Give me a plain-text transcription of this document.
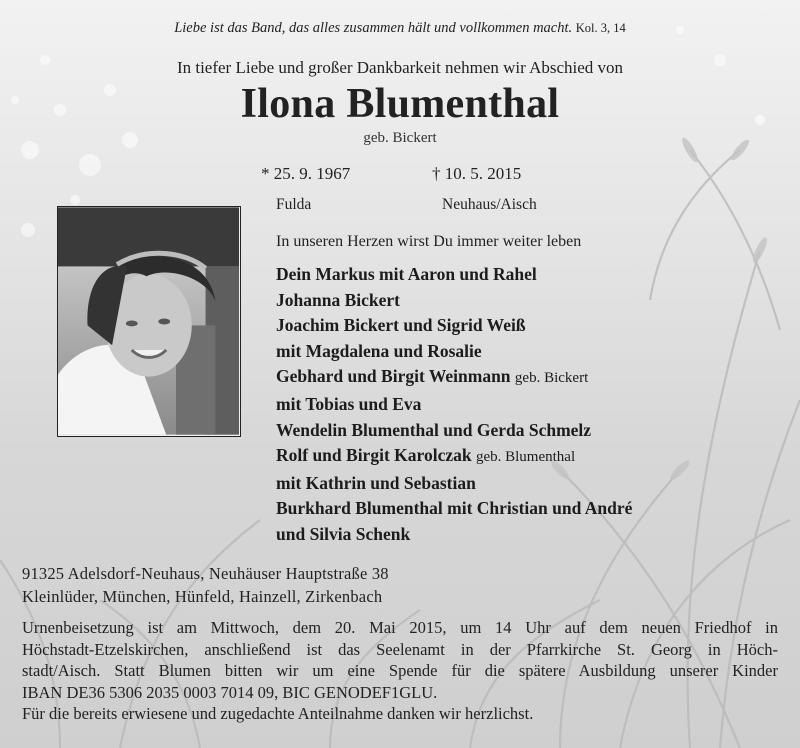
Liebe ist das Band, das alles zusammen hält und vollkommen macht. Kol. 3, 14
In tiefer Liebe und großer Dankbarkeit nehmen wir Abschied von
Ilona Blumenthal
geb. Bickert
* 25. 9. 1967	† 10. 5. 2015
Fulda	Neuhaus/Aisch
In unseren Herzen wirst Du immer weiter leben
Dein Markus mit Aaron und Rahel
Johanna Bickert
Joachim Bickert und Sigrid Weiß
mit Magdalena und Rosalie
Gebhard und Birgit Weinmann geb. Bickert
mit Tobias und Eva
Wendelin Blumenthal und Gerda Schmelz
Rolf und Birgit Karolczak geb. Blumenthal
mit Kathrin und Sebastian
Burkhard Blumenthal mit Christian und André
und Silvia Schenk
91325 Adelsdorf-Neuhaus, Neuhäuser Hauptstraße 38
Kleinlüder, München, Hünfeld, Hainzell, Zirkenbach

Urnenbeisetzung ist am Mittwoch, dem 20. Mai 2015, um 14 Uhr auf dem neuen Friedhof in
Höchstadt-Etzelskirchen, anschließend ist das Seelenamt in der Pfarrkirche St. Georg in Höch-
stadt/Aisch. Statt Blumen bitten wir um eine Spende für die spätere Ausbildung unserer Kinder
IBAN DE36 5306 2035 0003 7014 09, BIC GENODEF1GLU.
Für die bereits erwiesene und zugedachte Anteilnahme danken wir herzlichst.
